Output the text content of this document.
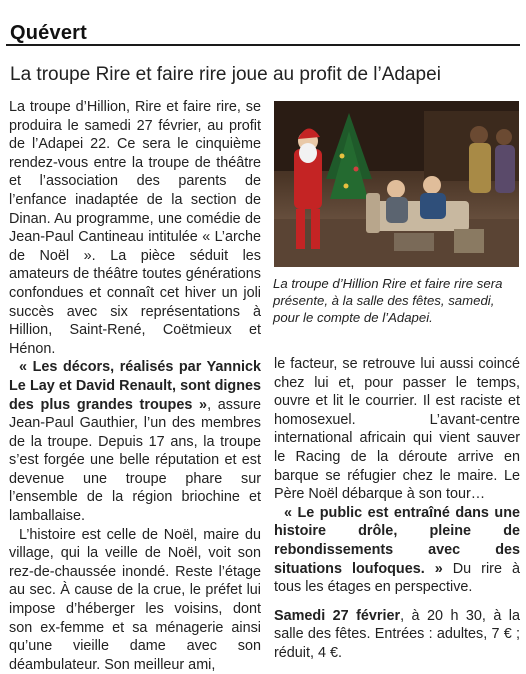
Quévert
La troupe Rire et faire rire joue au profit de l’Adapei

La troupe d’Hillion, Rire et faire rire, se produira le samedi 27 février, au profit de l’Adapei 22. Ce sera le cinquième rendez-vous entre la troupe de théâtre et l’association des parents de l’enfance inadaptée de la section de Dinan. Au programme, une comédie de Jean-Paul Cantineau intitulée « L’arche de Noël ». La pièce séduit les amateurs de théâtre toutes générations confondues et connaît cet hiver un joli succès avec six représentations à Hillion, Saint-René, Coëtmieux et Hénon.

« Les décors, réalisés par Yannick Le Lay et David Renault, sont dignes des plus grandes troupes », assure Jean-Paul Gauthier, l’un des membres de la troupe. Depuis 17 ans, la troupe s’est forgée une belle réputation et est devenue une troupe phare sur l’ensemble de la région briochine et lamballaise.

L’histoire est celle de Noël, maire du village, qui la veille de Noël, voit son rez-de-chaussée inondé. Reste l’étage au sec. À cause de la crue, le préfet lui impose d’héberger les voisins, dont son ex-femme et sa ménagerie ainsi qu’une vieille dame avec son déambulateur. Son meilleur ami,

La troupe d’Hillion Rire et faire rire sera présente, à la salle des fêtes, samedi, pour le compte de l’Adapei.

le facteur, se retrouve lui aussi coincé chez lui et, pour passer le temps, ouvre et lit le courrier. Il est raciste et homosexuel. L’avant-centre international africain qui vient sauver le Racing de la déroute arrive en barque se réfugier chez le maire. Le Père Noël débarque à son tour…

« Le public est entraîné dans une histoire drôle, pleine de rebondissements avec des situations loufoques. » Du rire à tous les étages en perspective.

Samedi 27 février, à 20 h 30, à la salle des fêtes. Entrées : adultes, 7 € ; réduit, 4 €.
